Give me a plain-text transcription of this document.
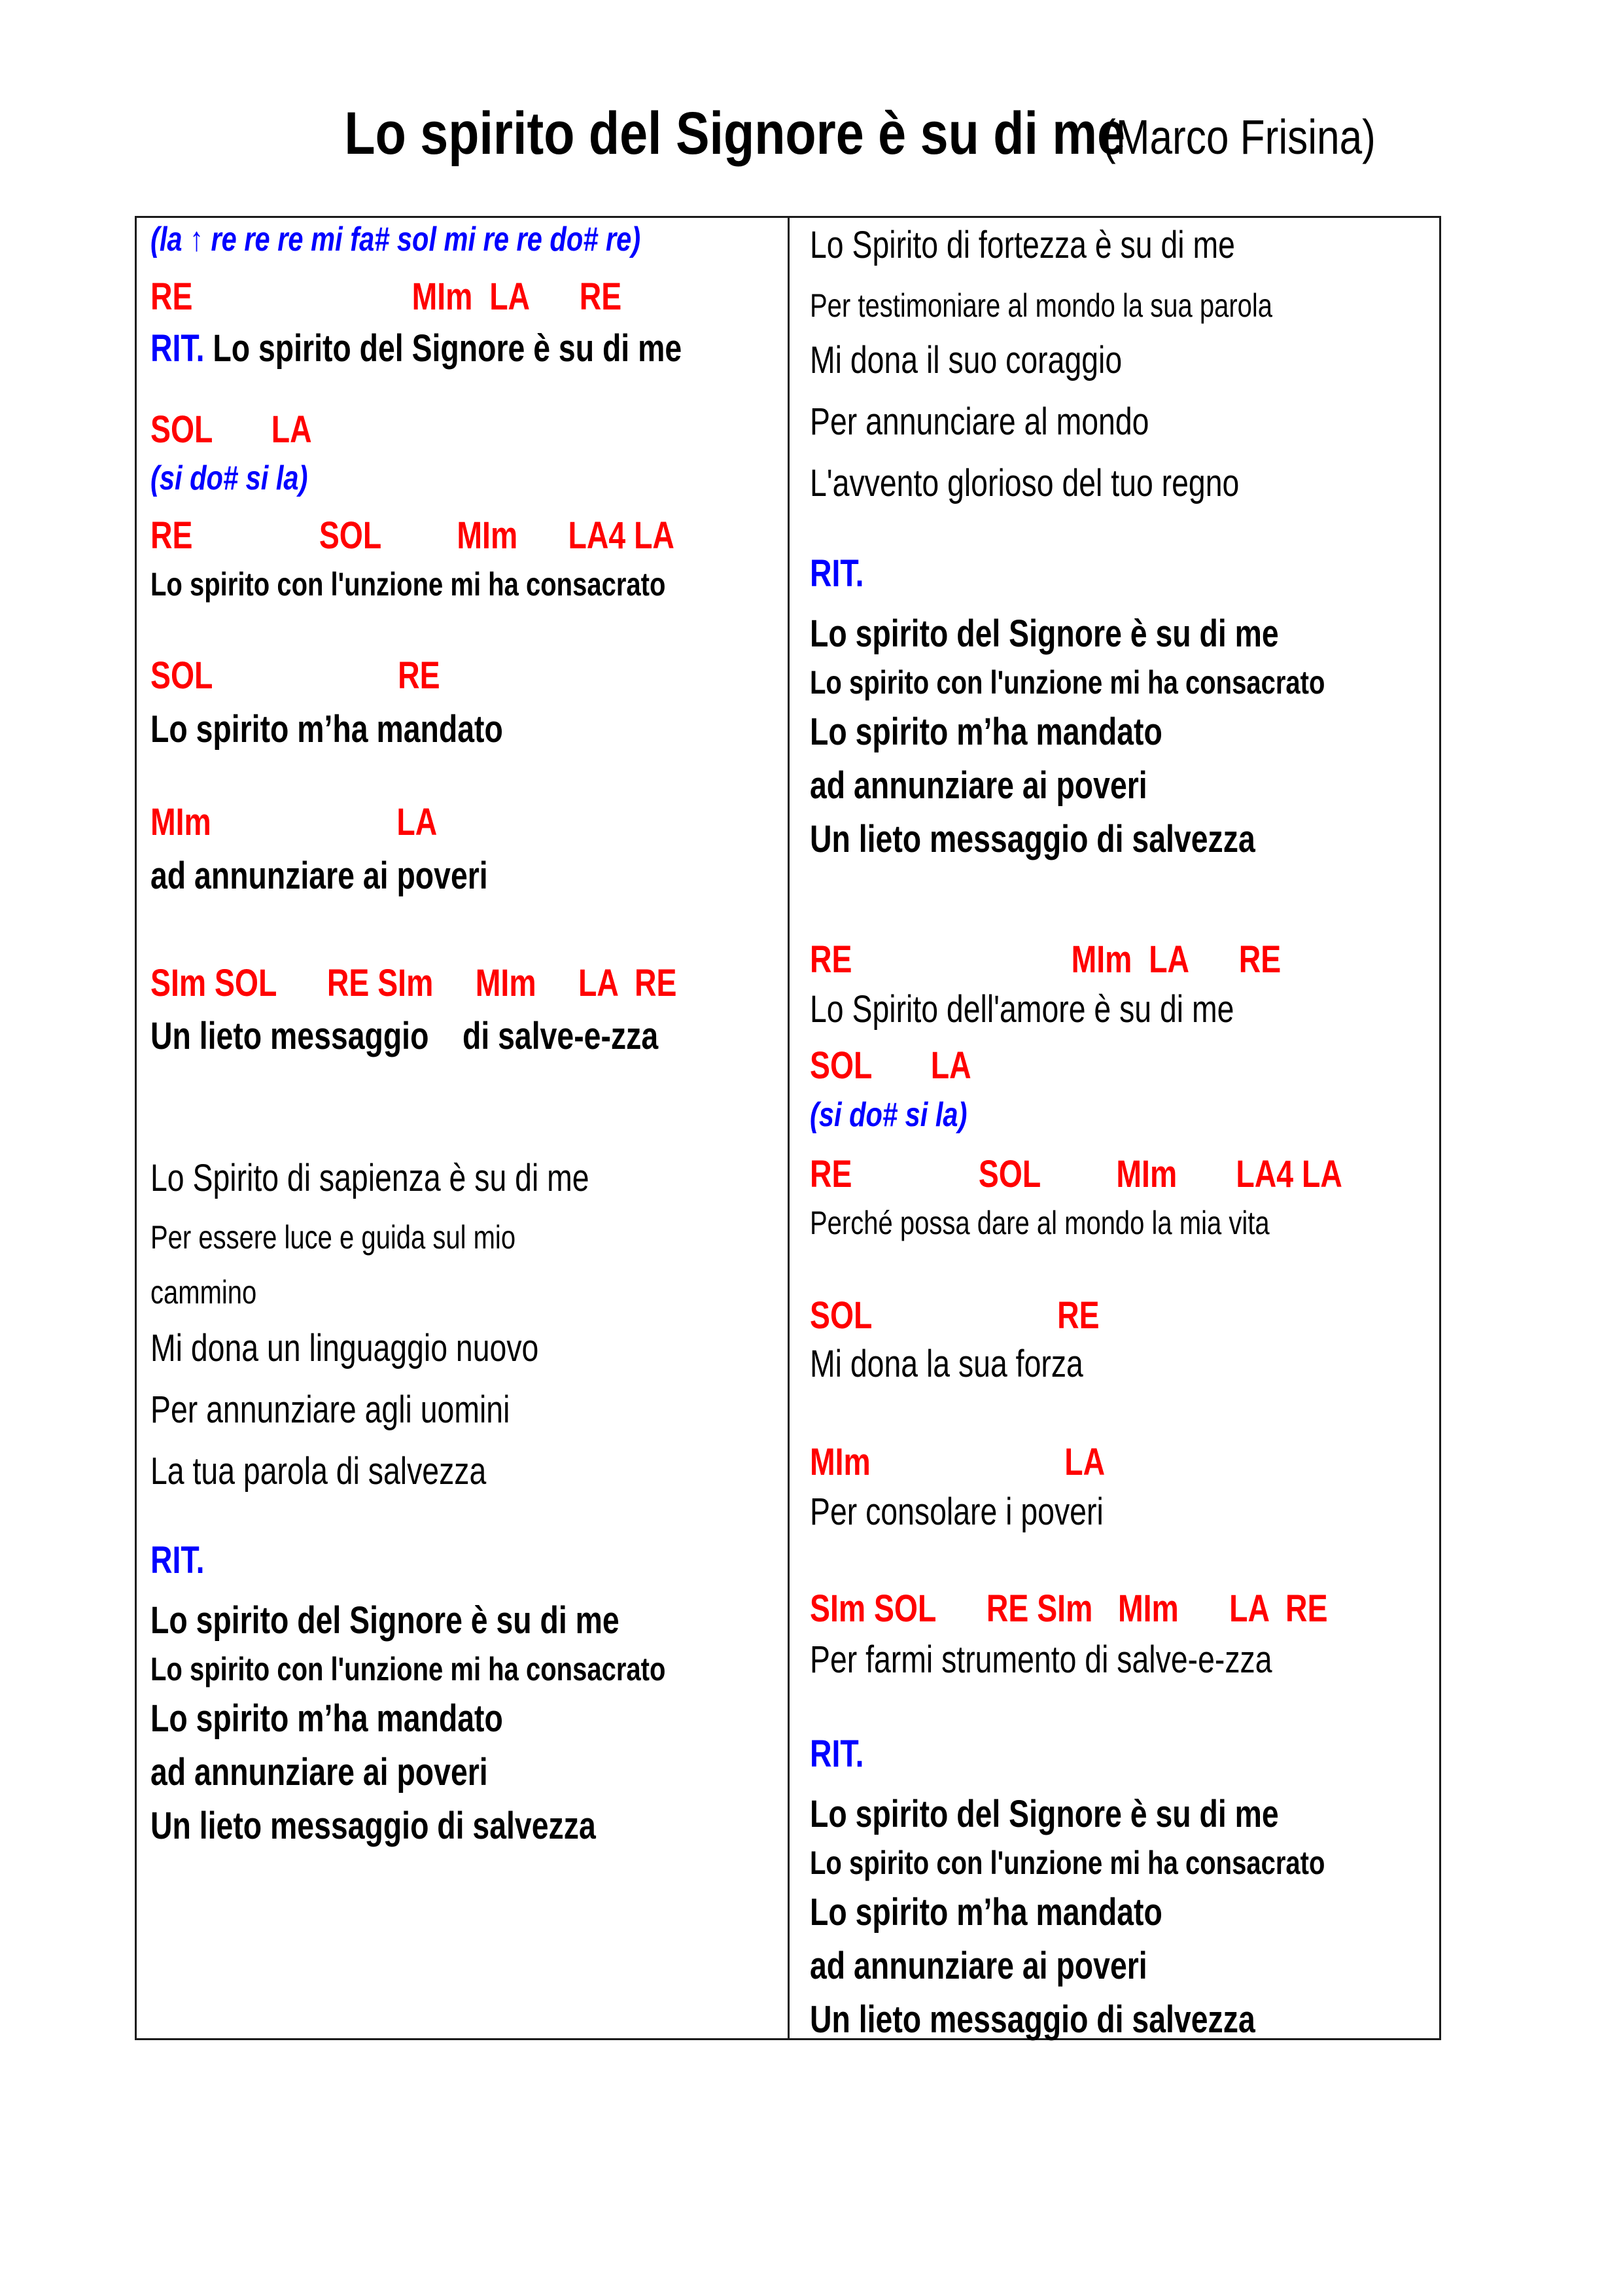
Lo spirito del Signore è su di me (Marco Frisina)
(la ↑ re re re mi fa# sol mi re re do# re)
RE                          MIm  LA      RE
RIT. Lo spirito del Signore è su di me
SOL       LA
(si do# si la)
RE               SOL         MIm      LA4 LA
Lo spirito con l'unzione mi ha consacrato
SOL                      RE
Lo spirito m’ha mandato
MIm                      LA
ad annunziare ai poveri
SIm SOL      RE SIm     MIm     LA  RE
Un lieto messaggio    di salve-e-zza
Lo Spirito di sapienza è su di me
Per essere luce e guida sul mio
cammino
Mi dona un linguaggio nuovo
Per annunziare agli uomini
La tua parola di salvezza
RIT.
Lo spirito del Signore è su di me
Lo spirito con l'unzione mi ha consacrato
Lo spirito m’ha mandato
ad annunziare ai poveri
Un lieto messaggio di salvezza
Lo Spirito di fortezza è su di me
Per testimoniare al mondo la sua parola
Mi dona il suo coraggio
Per annunciare al mondo
L'avvento glorioso del tuo regno
RIT.
Lo spirito del Signore è su di me
Lo spirito con l'unzione mi ha consacrato
Lo spirito m’ha mandato
ad annunziare ai poveri
Un lieto messaggio di salvezza
RE                          MIm  LA      RE
Lo Spirito dell'amore è su di me
SOL       LA
(si do# si la)
RE               SOL         MIm       LA4 LA
Perché possa dare al mondo la mia vita
SOL                      RE
Mi dona la sua forza
MIm                       LA
Per consolare i poveri
SIm SOL      RE SIm   MIm      LA  RE
Per farmi strumento di salve-e-zza
RIT.
Lo spirito del Signore è su di me
Lo spirito con l'unzione mi ha consacrato
Lo spirito m’ha mandato
ad annunziare ai poveri
Un lieto messaggio di salvezza
